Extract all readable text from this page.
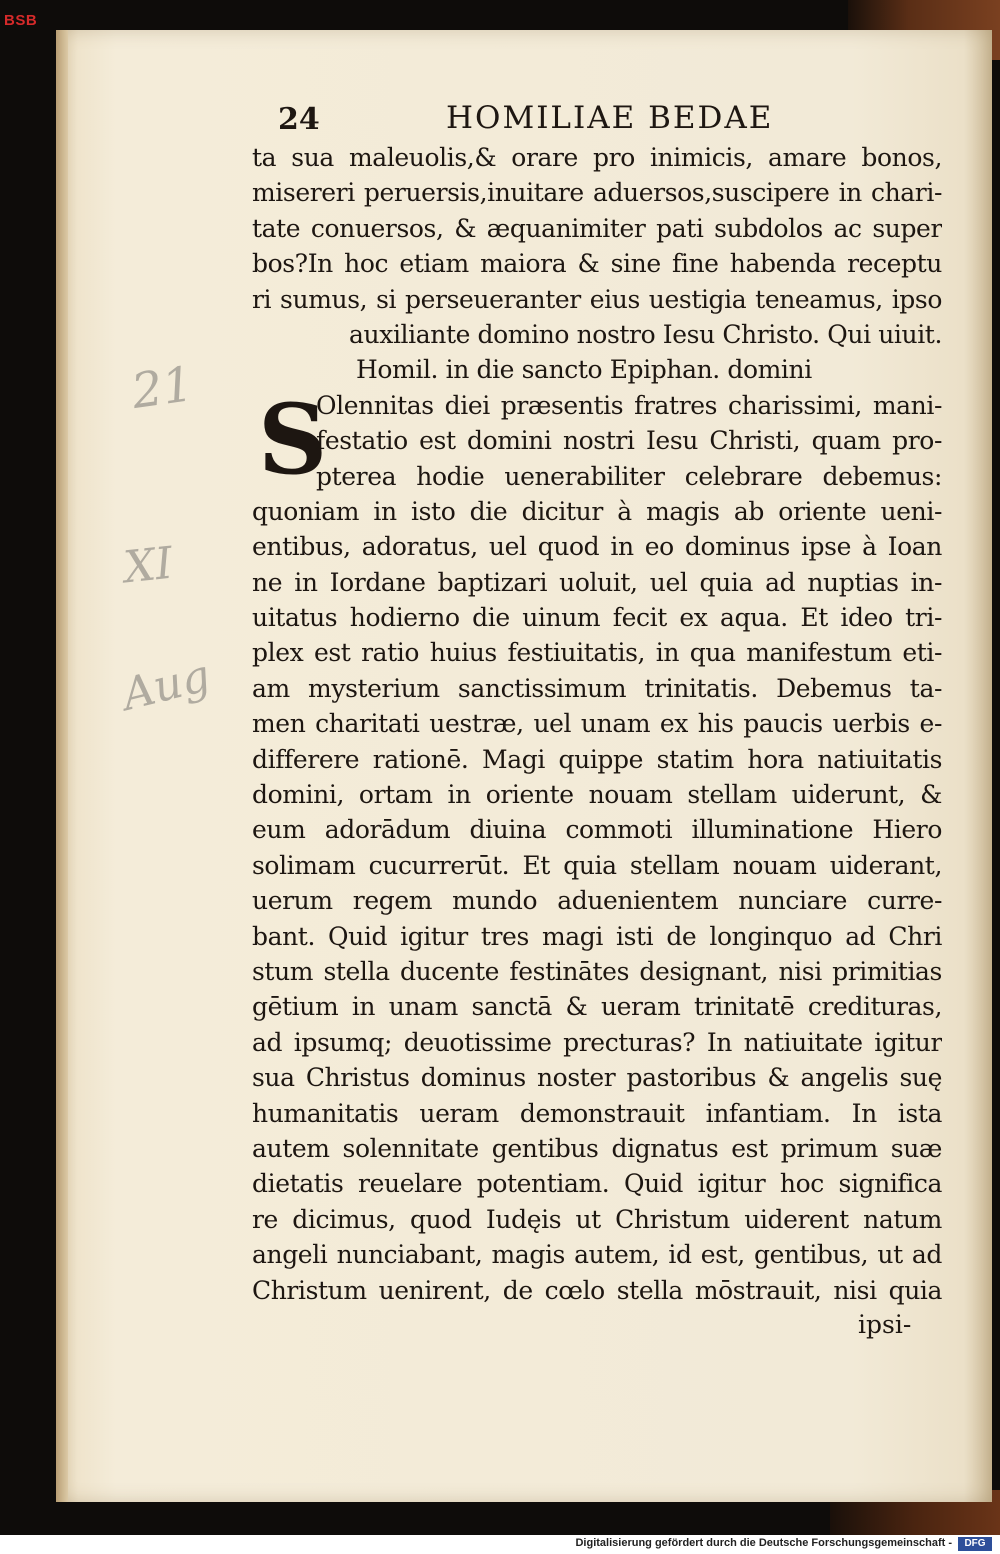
BSB
21
XI
Aug
24	HOMILIAE BEDAE
S
ta sua maleuolis,& orare pro inimicis, amare bonos,
misereri peruersis,inuitare aduersos,suscipere in chari-
tate conuersos, & æquanimiter pati subdolos ac super
bos?In hoc etiam maiora & sine fine habenda receptu
ri sumus, si perseueranter eius uestigia teneamus, ipso
auxiliante domino nostro Iesu Christo. Qui uiuit.
Homil. in die sancto Epiphan. domini
Olennitas diei præsentis fratres charissimi, mani-
festatio est domini nostri Iesu Christi, quam pro-
pterea hodie uenerabiliter celebrare debemus:
quoniam in isto die dicitur à magis ab oriente ueni-
entibus, adoratus, uel quod in eo dominus ipse à Ioan
ne in Iordane baptizari uoluit, uel quia ad nuptias in-
uitatus hodierno die uinum fecit ex aqua. Et ideo tri-
plex est ratio huius festiuitatis, in qua manifestum eti-
am mysterium sanctissimum trinitatis. Debemus ta-
men charitati uestræ, uel unam ex his paucis uerbis e-
differere rationē. Magi quippe statim hora natiuitatis
domini, ortam in oriente nouam stellam uiderunt, &
eum adorādum diuina commoti illuminatione Hiero
solimam cucurrerūt. Et quia stellam nouam uiderant,
uerum regem mundo aduenientem nunciare curre-
bant. Quid igitur tres magi isti de longinquo ad Chri
stum stella ducente festinātes designant, nisi primitias
gētium in unam sanctā & ueram trinitatē credituras,
ad ipsumq; deuotissime precturas? In natiuitate igitur
sua Christus dominus noster pastoribus & angelis suę
humanitatis ueram demonstrauit infantiam. In ista
autem solennitate gentibus dignatus est primum suæ
dietatis reuelare potentiam. Quid igitur hoc significa
re dicimus, quod Iudęis ut Christum uiderent natum
angeli nunciabant, magis autem, id est, gentibus, ut ad
Christum uenirent, de cœlo stella mōstrauit, nisi quia
ipsi-
Digitalisierung gefördert durch die Deutsche Forschungsgemeinschaft -	DFG
